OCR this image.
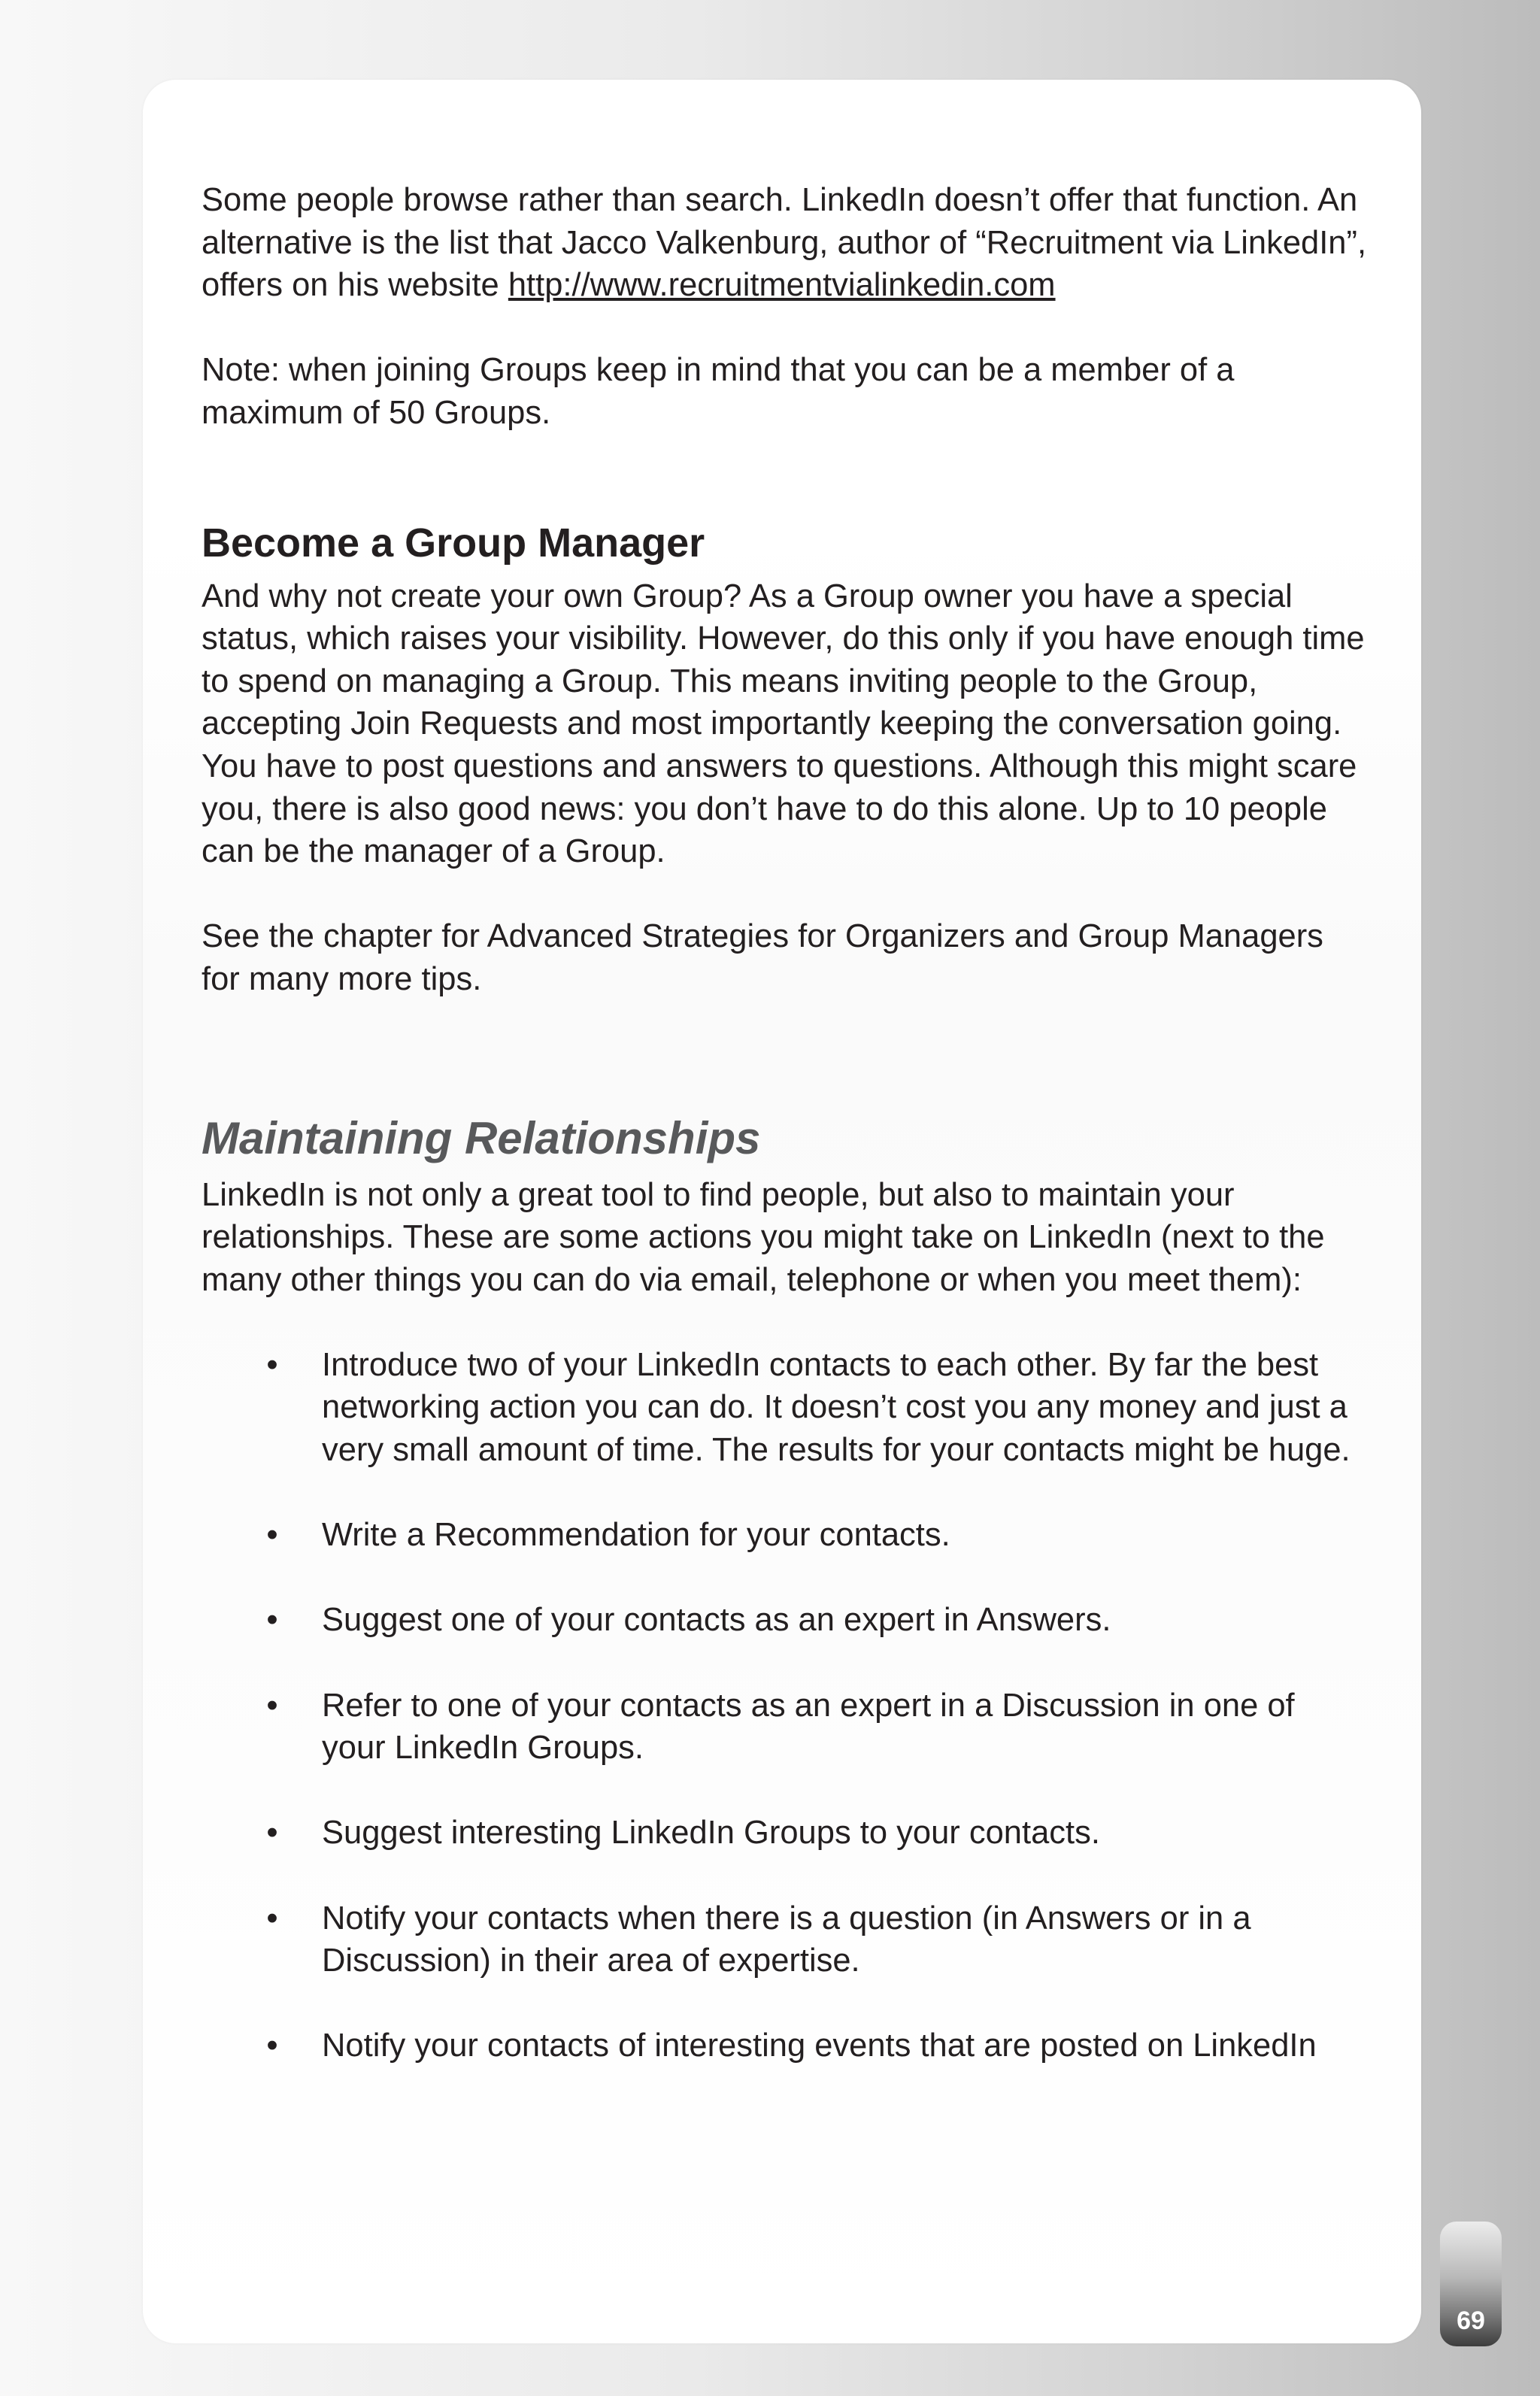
Some people browse rather than search. LinkedIn doesn’t offer that function. An alternative is the list that Jacco Valkenburg, author of “Recruitment via LinkedIn”, offers on his website http://www.recruitmentvialinkedin.com

Note: when joining Groups keep in mind that you can be a member of a maximum of 50 Groups.

Become a Group Manager

And why not create your own Group? As a Group owner you have a special status, which raises your visibility. However, do this only if you have enough time to spend on managing a Group. This means inviting people to the Group, accepting Join Requests and most importantly keeping the conversation going. You have to post questions and answers to questions. Although this might scare you, there is also good news: you don’t have to do this alone. Up to 10 people can be the manager of a Group.

See the chapter for Advanced Strategies for Organizers and Group Managers for many more tips.

Maintaining Relationships

LinkedIn is not only a great tool to find people, but also to maintain your relationships. These are some actions you might take on LinkedIn (next to the many other things you can do via email, telephone or when you meet them):

• Introduce two of your LinkedIn contacts to each other. By far the best networking action you can do. It doesn’t cost you any money and just a very small amount of time. The results for your contacts might be huge.
• Write a Recommendation for your contacts.
• Suggest one of your contacts as an expert in Answers.
• Refer to one of your contacts as an expert in a Discussion in one of your LinkedIn Groups.
• Suggest interesting LinkedIn Groups to your contacts.
• Notify your contacts when there is a question (in Answers or in a Discussion) in their area of expertise.
• Notify your contacts of interesting events that are posted on LinkedIn
69
